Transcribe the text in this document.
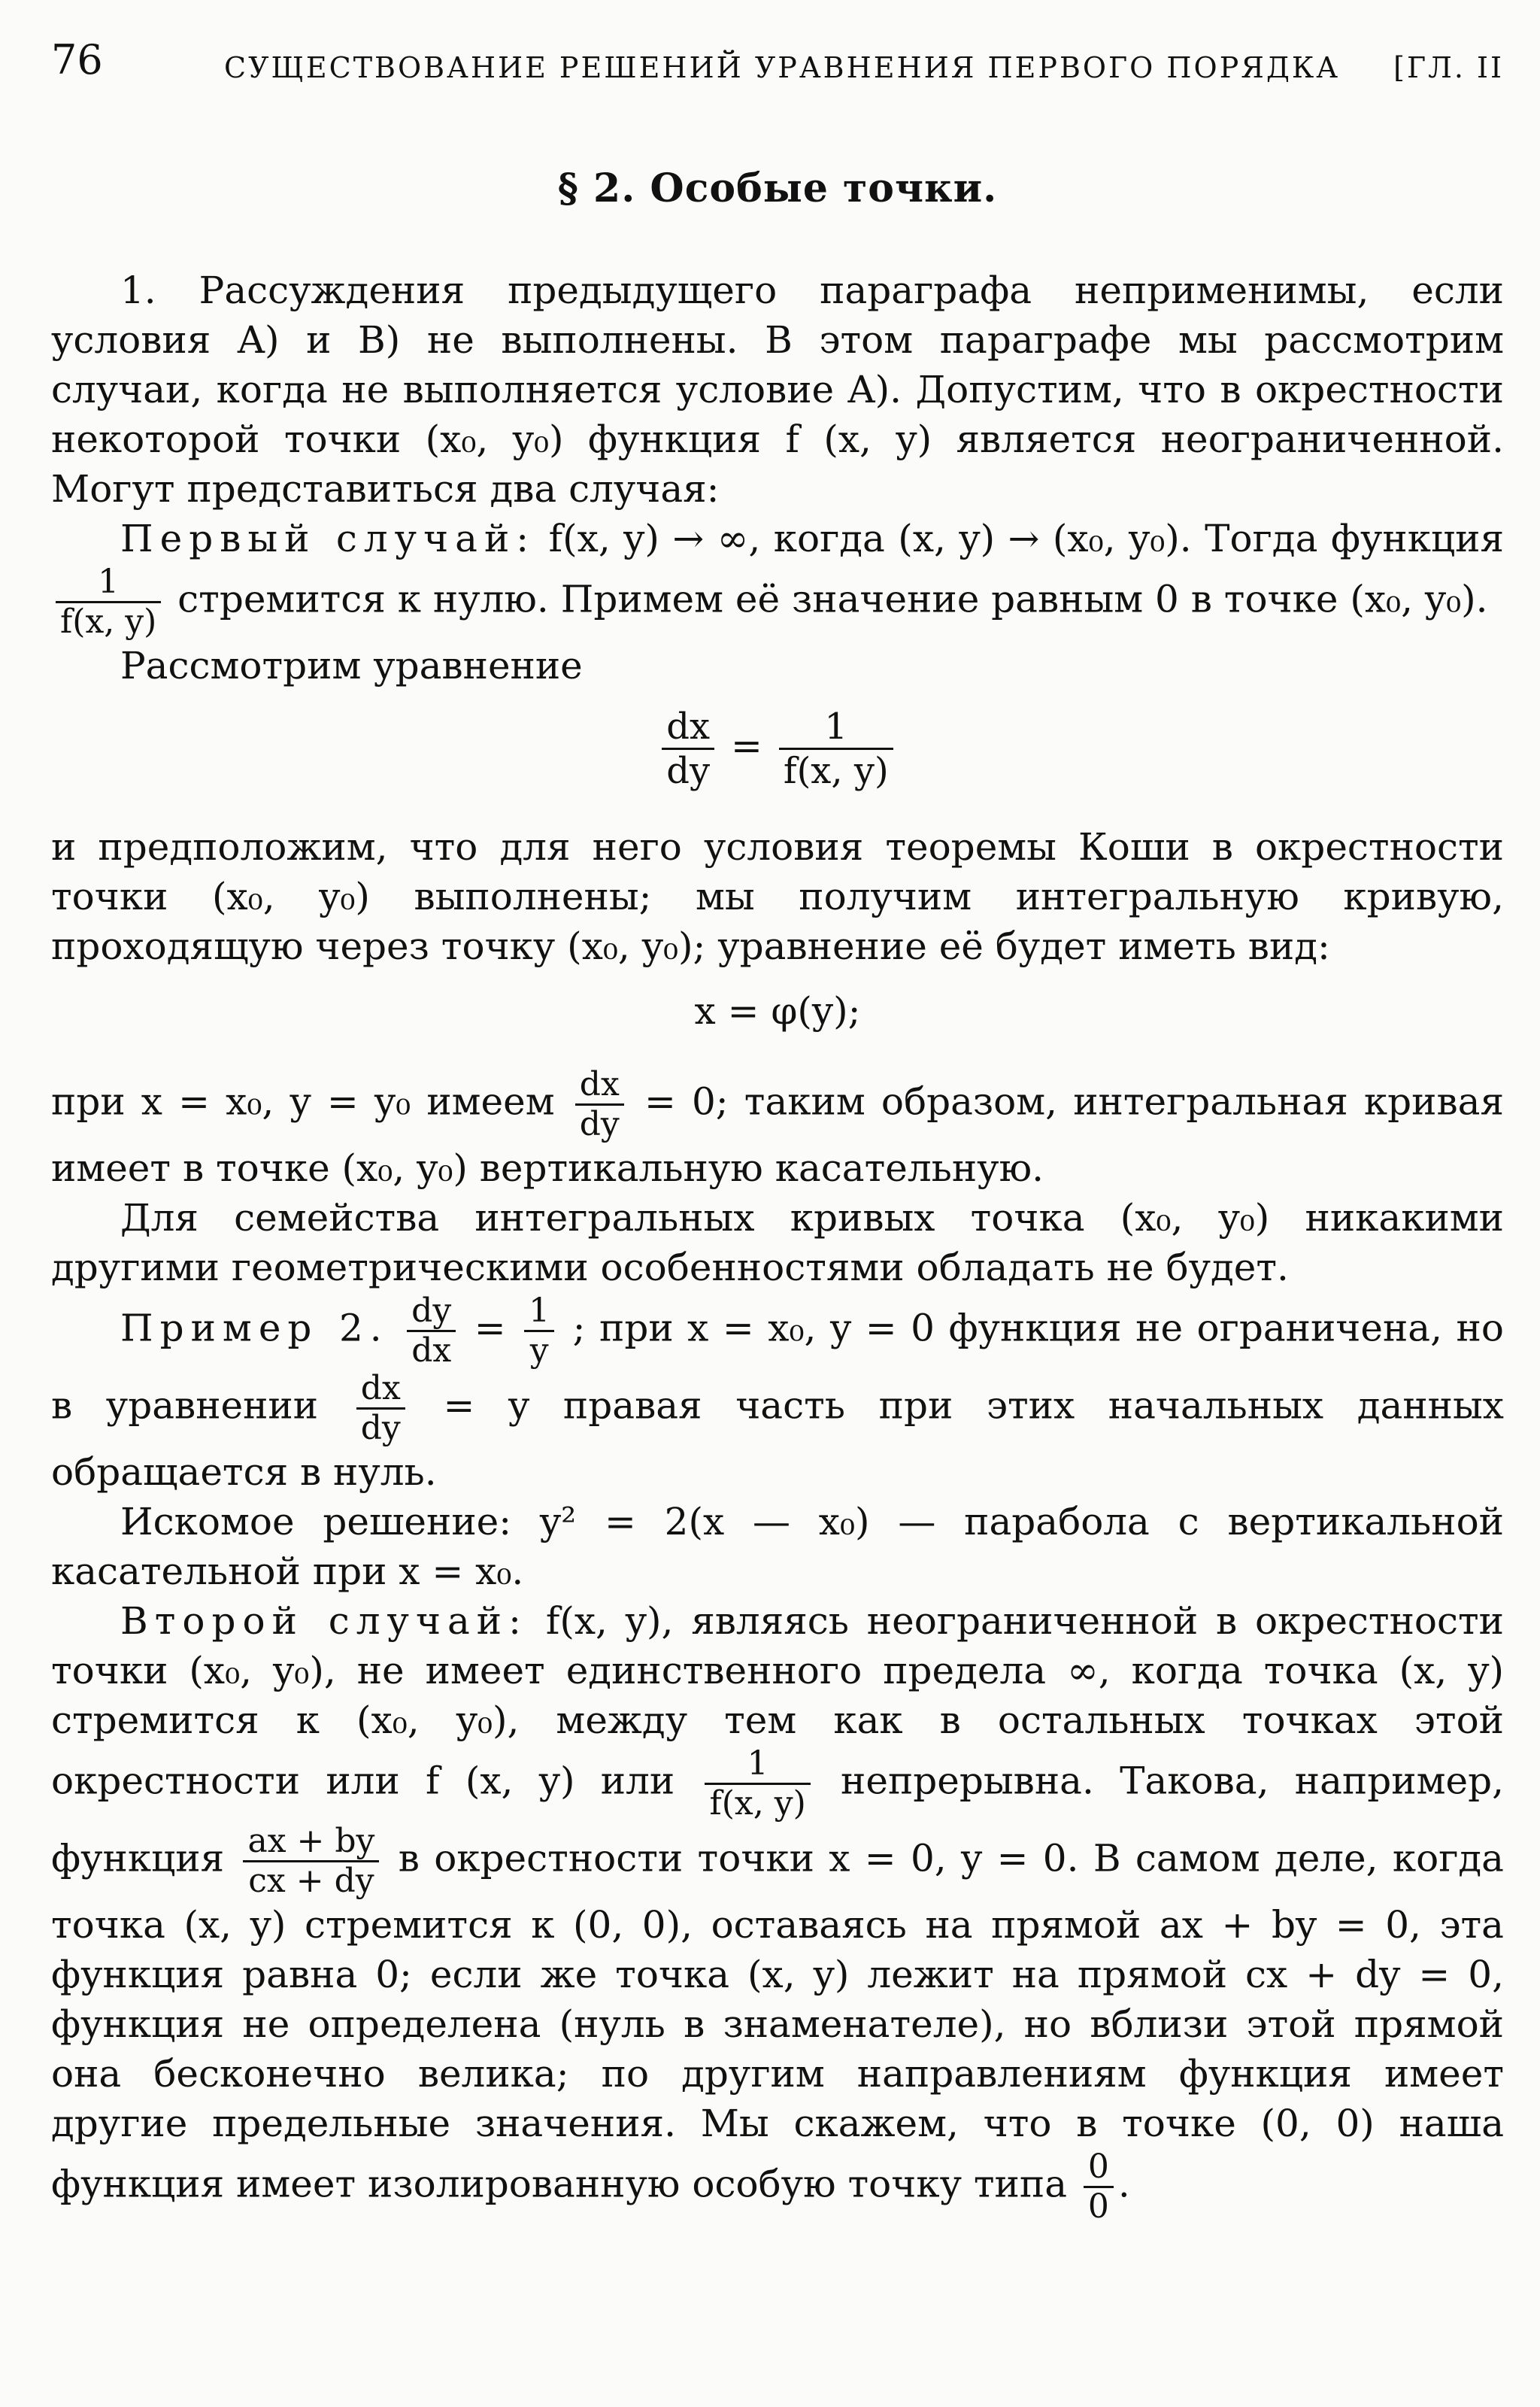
76	СУЩЕСТВОВАНИЕ РЕШЕНИЙ УРАВНЕНИЯ ПЕРВОГО ПОРЯДКА [ГЛ. II
§ 2. Особые точки.

1. Рассуждения предыдущего параграфа неприменимы, если условия A) и B) не выполнены. В этом параграфе мы рассмотрим случаи, когда не выполняется условие A). Допустим, что в окрестности некоторой точки (x₀, y₀) функция f (x, y) является неограниченной. Могут представиться два случая:

Первый случай: f(x, y) → ∞, когда (x, y) → (x₀, y₀). Тогда функция
$\frac{1}{f(x, y)}$ стремится к нулю. Примем её значение равным 0 в точке (x₀, y₀).

Рассмотрим уравнение

$\frac{dx}{dy} = \frac{1}{f(x, y)}$

и предположим, что для него условия теоремы Коши в окрестности точки (x₀, y₀) выполнены; мы получим интегральную кривую, проходящую через точку (x₀, y₀); уравнение её будет иметь вид:

x = φ(y);

при x = x₀, y = y₀ имеем $\frac{dx}{dy} = 0$; таким образом, интегральная кривая имеет в точке (x₀, y₀) вертикальную касательную.

Для семейства интегральных кривых точка (x₀, y₀) никакими другими геометрическими особенностями обладать не будет.

Пример 2. $\frac{dy}{dx} = \frac{1}{y}$ ; при x = x₀, y = 0 функция не ограничена, но в уравнении $\frac{dx}{dy} = y$ правая часть при этих начальных данных обращается в нуль.

Искомое решение: y² = 2(x — x₀) — парабола с вертикальной касательной при x = x₀.

Второй случай: f(x, y), являясь неограниченной в окрестности точки (x₀, y₀), не имеет единственного предела ∞, когда точка (x, y) стремится к (x₀, y₀), между тем как в остальных точках этой окрестности или f (x, y) или $\frac{1}{f(x, y)}$ непрерывна. Такова, например, функция $\frac{ax + by}{cx + dy}$ в окрестности точки x = 0, y = 0. В самом деле, когда точка (x, y) стремится к (0, 0), оставаясь на прямой ax + by = 0, эта функция равна 0; если же точка (x, y) лежит на прямой cx + dy = 0, функция не определена (нуль в знаменателе), но вблизи этой прямой она бесконечно велика; по другим направлениям функция имеет другие предельные значения. Мы скажем, что в точке (0, 0) наша функция имеет изолированную особую точку типа $\frac{0}{0}$ .
